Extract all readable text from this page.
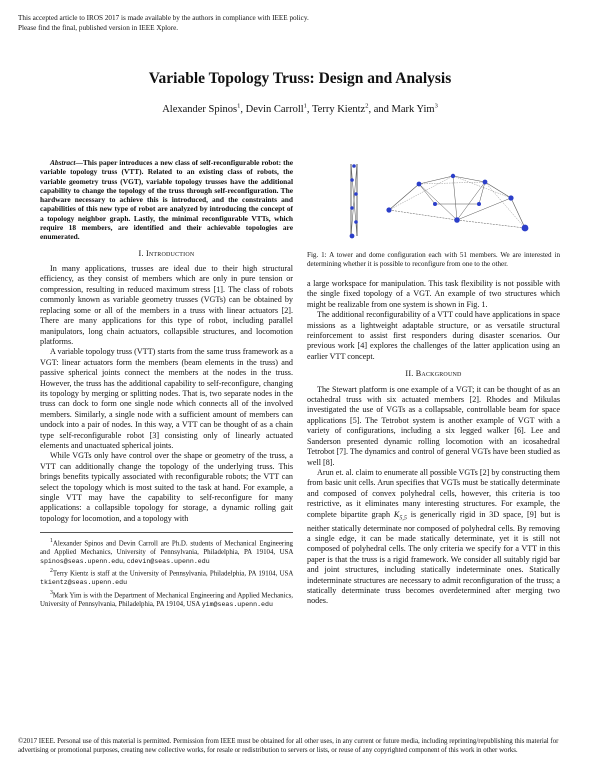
This accepted article to IROS 2017 is made available by the authors in compliance with IEEE policy.
Please find the final, published version in IEEE Xplore.
Variable Topology Truss: Design and Analysis
Alexander Spinos$^1$, Devin Carroll$^1$, Terry Kientz$^2$, and Mark Yim$^3$

Abstract—This paper introduces a new class of self-reconfigurable robot: the variable topology truss (VTT). Related to an existing class of robots, the variable geometry truss (VGT), variable topology trusses have the additional capability to change the topology of the truss through self-reconfiguration. The hardware necessary to achieve this is introduced, and the constraints and capabilities of this new type of robot are analyzed by introducing the concept of a topology neighbor graph. Lastly, the minimal reconfigurable VTTs, which require 18 members, are identified and their achievable topologies are enumerated.

I. Introduction

In many applications, trusses are ideal due to their high structural efficiency, as they consist of members which are only in pure tension or compression, resulting in reduced maximum stress [1]. The class of robots commonly known as variable geometry trusses (VGTs) can be obtained by replacing some or all of the members in a truss with linear actuators [2]. There are many applications for this type of robot, including parallel manipulators, long chain actuators, collapsible structures, and locomotion platforms.

A variable topology truss (VTT) starts from the same truss framework as a VGT: linear actuators form the members (beam elements in the truss) and passive spherical joints connect the members at the nodes in the truss. However, the truss has the additional capability to self-reconfigure, changing its topology by merging or splitting nodes. That is, two separate nodes in the truss can dock to form one single node which connects all of the involved members. Similarly, a single node with a sufficient amount of members can undock into a pair of nodes. In this way, a VTT can be thought of as a chain type self-reconfigurable robot [3] consisting only of linearly actuated elements and unactuated spherical joints.

While VGTs only have control over the shape or geometry of the truss, a VTT can additionally change the topology of the underlying truss. This brings benefits typically associated with reconfigurable robots; the VTT can select the topology which is most suited to the task at hand. For example, a single VTT may have the capability to self-reconfigure for many applications: a collapsible topology for storage, a dynamic rolling gait topology for locomotion, and a topology with

$^1$Alexander Spinos and Devin Carroll are Ph.D. students of Mechanical Engineering and Applied Mechanics, University of Pennsylvania, Philadelphia, PA 19104, USA spinos@seas.upenn.edu, cdevin@seas.upenn.edu
$^2$Terry Kientz is staff at the University of Pennsylvania, Philadelphia, PA 19104, USA tkientz@seas.upenn.edu
$^3$Mark Yim is with the Department of Mechanical Engineering and Applied Mechanics, University of Pennsylvania, Philadelphia, PA 19104, USA yim@seas.upenn.edu
Fig. 1: A tower and dome configuration each with 51 members. We are interested in determining whether it is possible to reconfigure from one to the other.

a large workspace for manipulation. This task flexibility is not possible with the single fixed topology of a VGT. An example of two structures which might be realizable from one system is shown in Fig. 1.

The additional reconfigurability of a VTT could have applications in space missions as a lightweight adaptable structure, or as versatile structural reinforcement to assist first responders during disaster scenarios. Our previous work [4] explores the challenges of the latter application using an earlier VTT concept.

II. Background

The Stewart platform is one example of a VGT; it can be thought of as an octahedral truss with six actuated members [2]. Rhodes and Mikulas investigated the use of VGTs as a collapsable, controllable beam for space applications [5]. The Tetrobot system is another example of VGT with a variety of configurations, including a six legged walker [6]. Lee and Sanderson presented dynamic rolling locomotion with an icosahedral Tetrobot [7]. The dynamics and control of general VGTs have been studied as well [8].

Arun et. al. claim to enumerate all possible VGTs [2] by constructing them from basic unit cells. Arun specifies that VGTs must be statically determinate and composed of convex polyhedral cells, however, this criteria is too restrictive, as it eliminates many interesting structures. For example, the complete bipartite graph $K_{5,5}$ is generically rigid in 3D space, [9] but is neither statically determinate nor composed of polyhedral cells. By removing a single edge, it can be made statically determinate, yet it is still not composed of polyhedral cells. The only criteria we specify for a VTT in this paper is that the truss is a rigid framework. We consider all suitably rigid bar and joint structures, including statically indeterminate ones. Statically indeterminate structures are necessary to admit reconfiguration of the truss; a statically determinate truss becomes overdetermined after merging two nodes.

©2017 IEEE. Personal use of this material is permitted. Permission from IEEE must be obtained for all other uses, in any current or future media, including reprinting/republishing this material for advertising or promotional purposes, creating new collective works, for resale or redistribution to servers or lists, or reuse of any copyrighted component of this work in other works.
